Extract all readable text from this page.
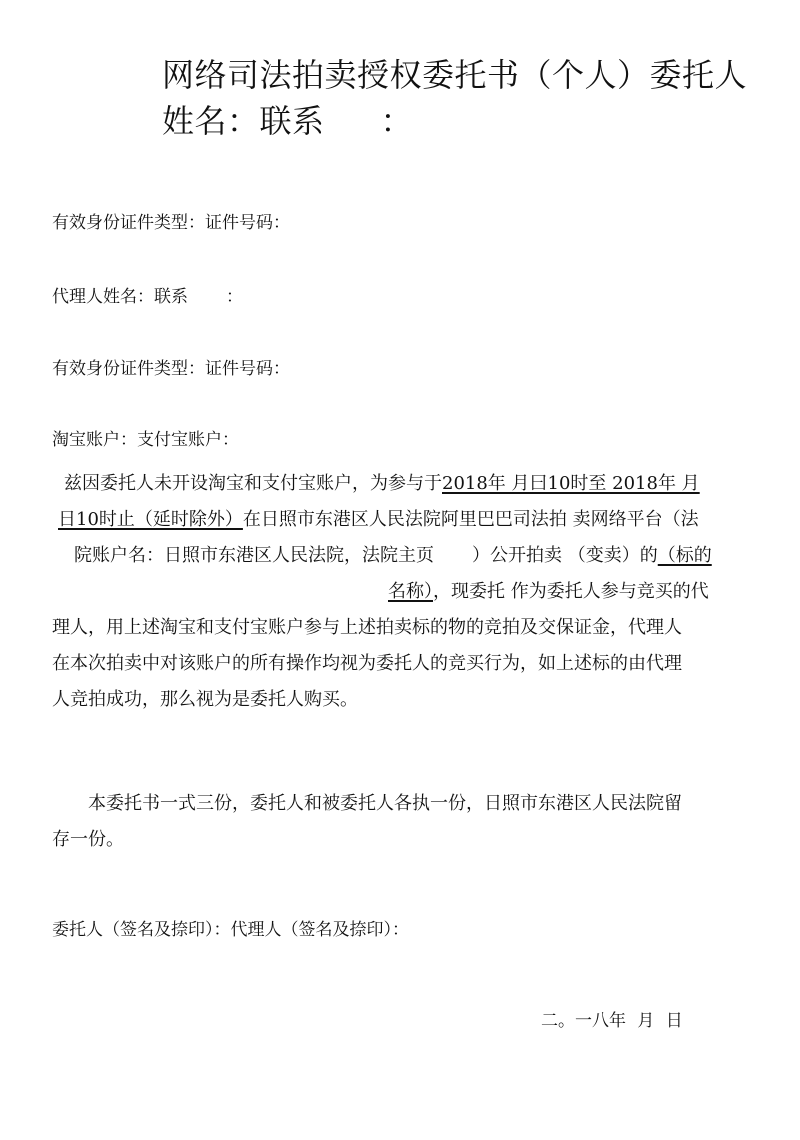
网络司法拍卖授权委托书（个人）委托人
姓名：联系 ：
有效身份证件类型：证件号码：
代理人姓名：联系 ：
有效身份证件类型：证件号码：
淘宝账户：支付宝账户：
兹因委托人未开设淘宝和支付宝账户，为参与于2018年 月曰10时至 2018年 月
日10时止（延时除外）在日照市东港区人民法院阿里巴巴司法拍 卖网络平台（法
院账户名：日照市东港区人民法院，法院主页 ）公开拍卖 （变卖）的（标的
名称），现委托 作为委托人参与竞买的代
理人，用上述淘宝和支付宝账户参与上述拍卖标的物的竞拍及交保证金，代理人
在本次拍卖中对该账户的所有操作均视为委托人的竞买行为，如上述标的由代理
人竞拍成功，那么视为是委托人购买。
本委托书一式三份，委托人和被委托人各执一份，日照市东港区人民法院留
存一份。
委托人（签名及捺印）：代理人（签名及捺印）：
二。一八年 月 日
